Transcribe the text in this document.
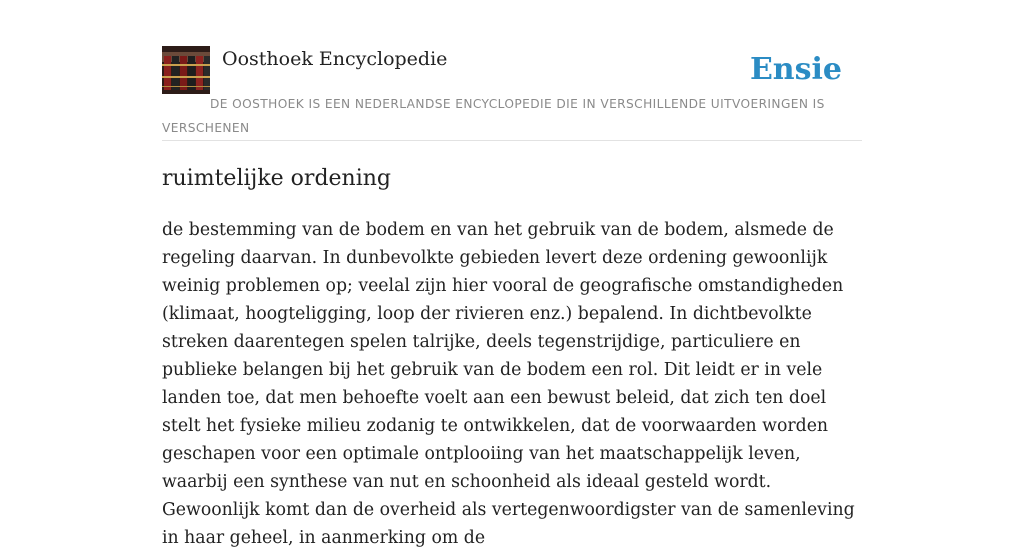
Oosthoek Encyclopedie	Ensie

DE OOSTHOEK IS EEN NEDERLANDSE ENCYCLOPEDIE DIE IN VERSCHILLENDE UITVOERINGEN IS VERSCHENEN

ruimtelijke ordening

de bestemming van de bodem en van het gebruik van de bodem, alsmede de regeling daarvan. In dunbevolkte gebieden levert deze ordening gewoonlijk weinig problemen op; veelal zijn hier vooral de geografische omstandigheden (klimaat, hoogteligging, loop der rivieren enz.) bepalend. In dichtbevolkte streken daarentegen spelen talrijke, deels tegenstrijdige, particuliere en publieke belangen bij het gebruik van de bodem een rol. Dit leidt er in vele landen toe, dat men behoefte voelt aan een bewust beleid, dat zich ten doel stelt het fysieke milieu zodanig te ontwikkelen, dat de voorwaarden worden geschapen voor een optimale ontplooiing van het maatschappelijk leven, waarbij een synthese van nut en schoonheid als ideaal gesteld wordt. Gewoonlijk komt dan de overheid als vertegenwoordigster van de samenleving in haar geheel, in aanmerking om de
